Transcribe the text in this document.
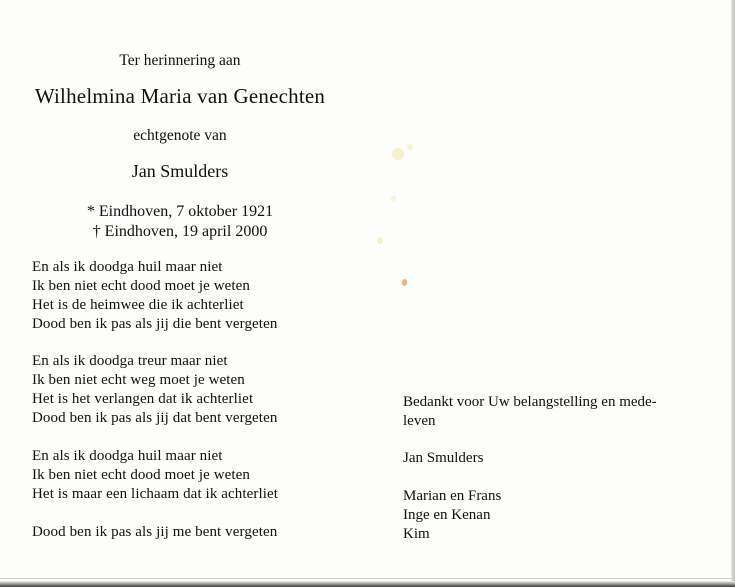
Ter herinnering aan
Wilhelmina Maria van Genechten
echtgenote van
Jan Smulders
* Eindhoven, 7 oktober 1921
† Eindhoven, 19 april 2000
En als ik doodga huil maar niet
Ik ben niet echt dood moet je weten
Het is de heimwee die ik achterliet
Dood ben ik pas als jij die bent vergeten
En als ik doodga treur maar niet
Ik ben niet echt weg moet je weten
Het is het verlangen dat ik achterliet
Dood ben ik pas als jij dat bent vergeten
En als ik doodga huil maar niet
Ik ben niet echt dood moet je weten
Het is maar een lichaam dat ik achterliet
Dood ben ik pas als jij me bent vergeten
Bedankt voor Uw belangstelling en mede-
leven
Jan Smulders
Marian en Frans
Inge en Kenan
Kim
